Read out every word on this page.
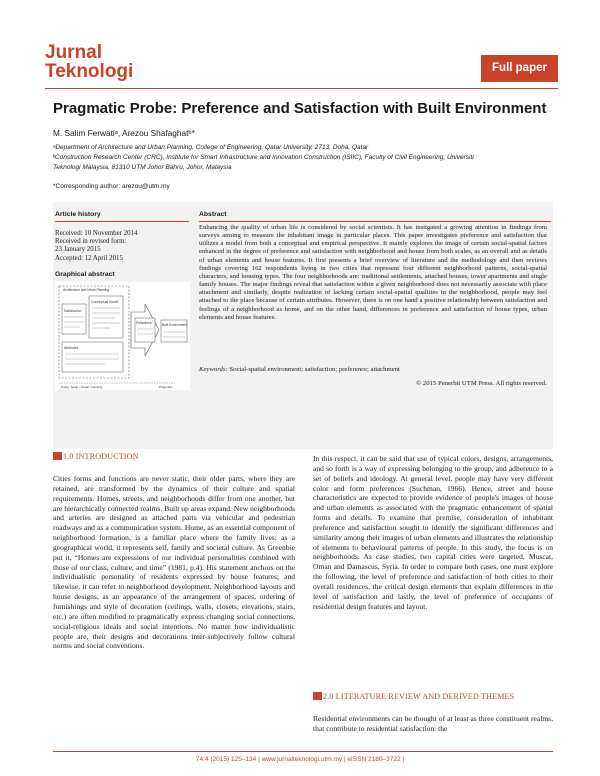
Jurnal
Teknologi	Full paper
Pragmatic Probe: Preference and Satisfaction with Built Environment
M. Salim Ferwatiᵃ, Arezou Shafaghatᵇ*
ᵃDepartment of Architecture and Urban Planning, College of Engineering, Qatar University, 2713, Doha, Qatar
ᵇConstruction Research Center (CRC), Institute for Smart Infrastructure and Innovation Construction (ISIIC), Faculty of Civil Engineering, Universiti
Teknologi Malaysia, 81310 UTM Johor Bahru, Johor, Malaysia
*Corresponding author: arezou@utm.my
Article history	Abstract
Received: 10 November 2014
Received in revised form:
23 January 2015
Accepted: 12 April 2015
Graphical abstract
Architecture and Urban Planning
Satisfaction
Conceptual model
Attributes
Preference	Built Environment
Probe: Scale / Social / Housing	Pragmatic
Enhancing the quality of urban life is considered by social scientists. It has instigated a growing attention in findings from surveys aiming to measure the inhabitant image in particular places. This paper investigates preference and satisfaction that utilizes a model from both a conceptual and empirical perspective. It mainly explores the image of certain social-spatial factors enhanced in the degree of preference and satisfaction with neighborhood and house from both scales, as an overall and as details of urban elements and house features. It first presents a brief overview of literature and the methodology and then reviews findings covering 162 respondents living in two cities that represent four different neighborhood patterns, social-spatial characters, and housing types. The four neighborhoods are: traditional settlements, attached houses, tower apartments and single family houses. The major findings reveal that satisfaction within a given neighborhood does not necessarily associate with place attachment and similarly, despite realization of lacking certain social-spatial qualities in the neighborhood, people may feel attached to the place because of certain attributes. However, there is on one hand a positive relationship between satisfaction and feelings of a neighborhood as home, and on the other hand, differences in preference and satisfaction of house types, urban elements and house features.
Keywords: Social-spatial environment; satisfaction; preference; attachment
© 2015 Penerbit UTM Press. All rights reserved.
1.0 INTRODUCTION
Cities forms and functions are never static, their older parts, where they are retained, are transformed by the dynamics of their culture and spatial requirements. Homes, streets, and neighborhoods differ from one another, but are hierarchically connected realms. Built up areas expand. New neighborhoods and arteries are designed as attached parts via vehicular and pedestrian roadways and as a communication system. Home, as an essential component of neighborhood formation, is a familiar place where the family lives; as a geographical world, it represents self, family and societal culture. As Greenbie put it, “Homes are expressions of our individual personalities combined with those of our class, culture, and time” (1981, p.4). His statement anchors on the individualistic personality of residents expressed by house features; and likewise, it can refer to neighborhood development. Neighborhood layouts and house designs, as an appearance of the arrangement of spaces, ordering of furnishings and style of decoration (ceilings, walls, closets, elevations, stairs, etc.) are often modified to pragmatically express changing social connections, social-religious ideals and social intentions. No matter how individualistic people are, their designs and decorations inter-subjectively follow cultural norms and social conventions.
In this respect, it can be said that use of typical colors, designs, arrangements, and so forth is a way of expressing belonging to the group, and adherence to a set of beliefs and ideology. At general level, people may have very different color and form preferences (Suchman, 1966). Hence, street and house characteristics are expected to provide evidence of people's images of house and urban elements as associated with the pragmatic enhancement of spatial forms and details. To examine that premise, consideration of inhabitant preference and satisfaction sought to identify the significant differences and similarity among their images of urban elements and illustrates the relationship of elements to behavioural patterns of people. In this study, the focus is on neighborhoods. As case studies, two capital cities were targeted, Muscat, Oman and Damascus, Syria. In order to compare both cases, one must explore the following, the level of preference and satisfaction of both cities to their overall residences, the critical design elements that explain differences in the level of satisfaction and lastly, the level of preference of occupants of residential design features and layout.
2.0 LITERATURE REVIEW AND DERIVED THEMES
Residential environments can be thought of at least as three constituent realms, that contribute to residential satisfaction: the
74:4 (2015) 125–134 | www.jurnalteknologi.utm.my | eISSN 2180–3722 |
